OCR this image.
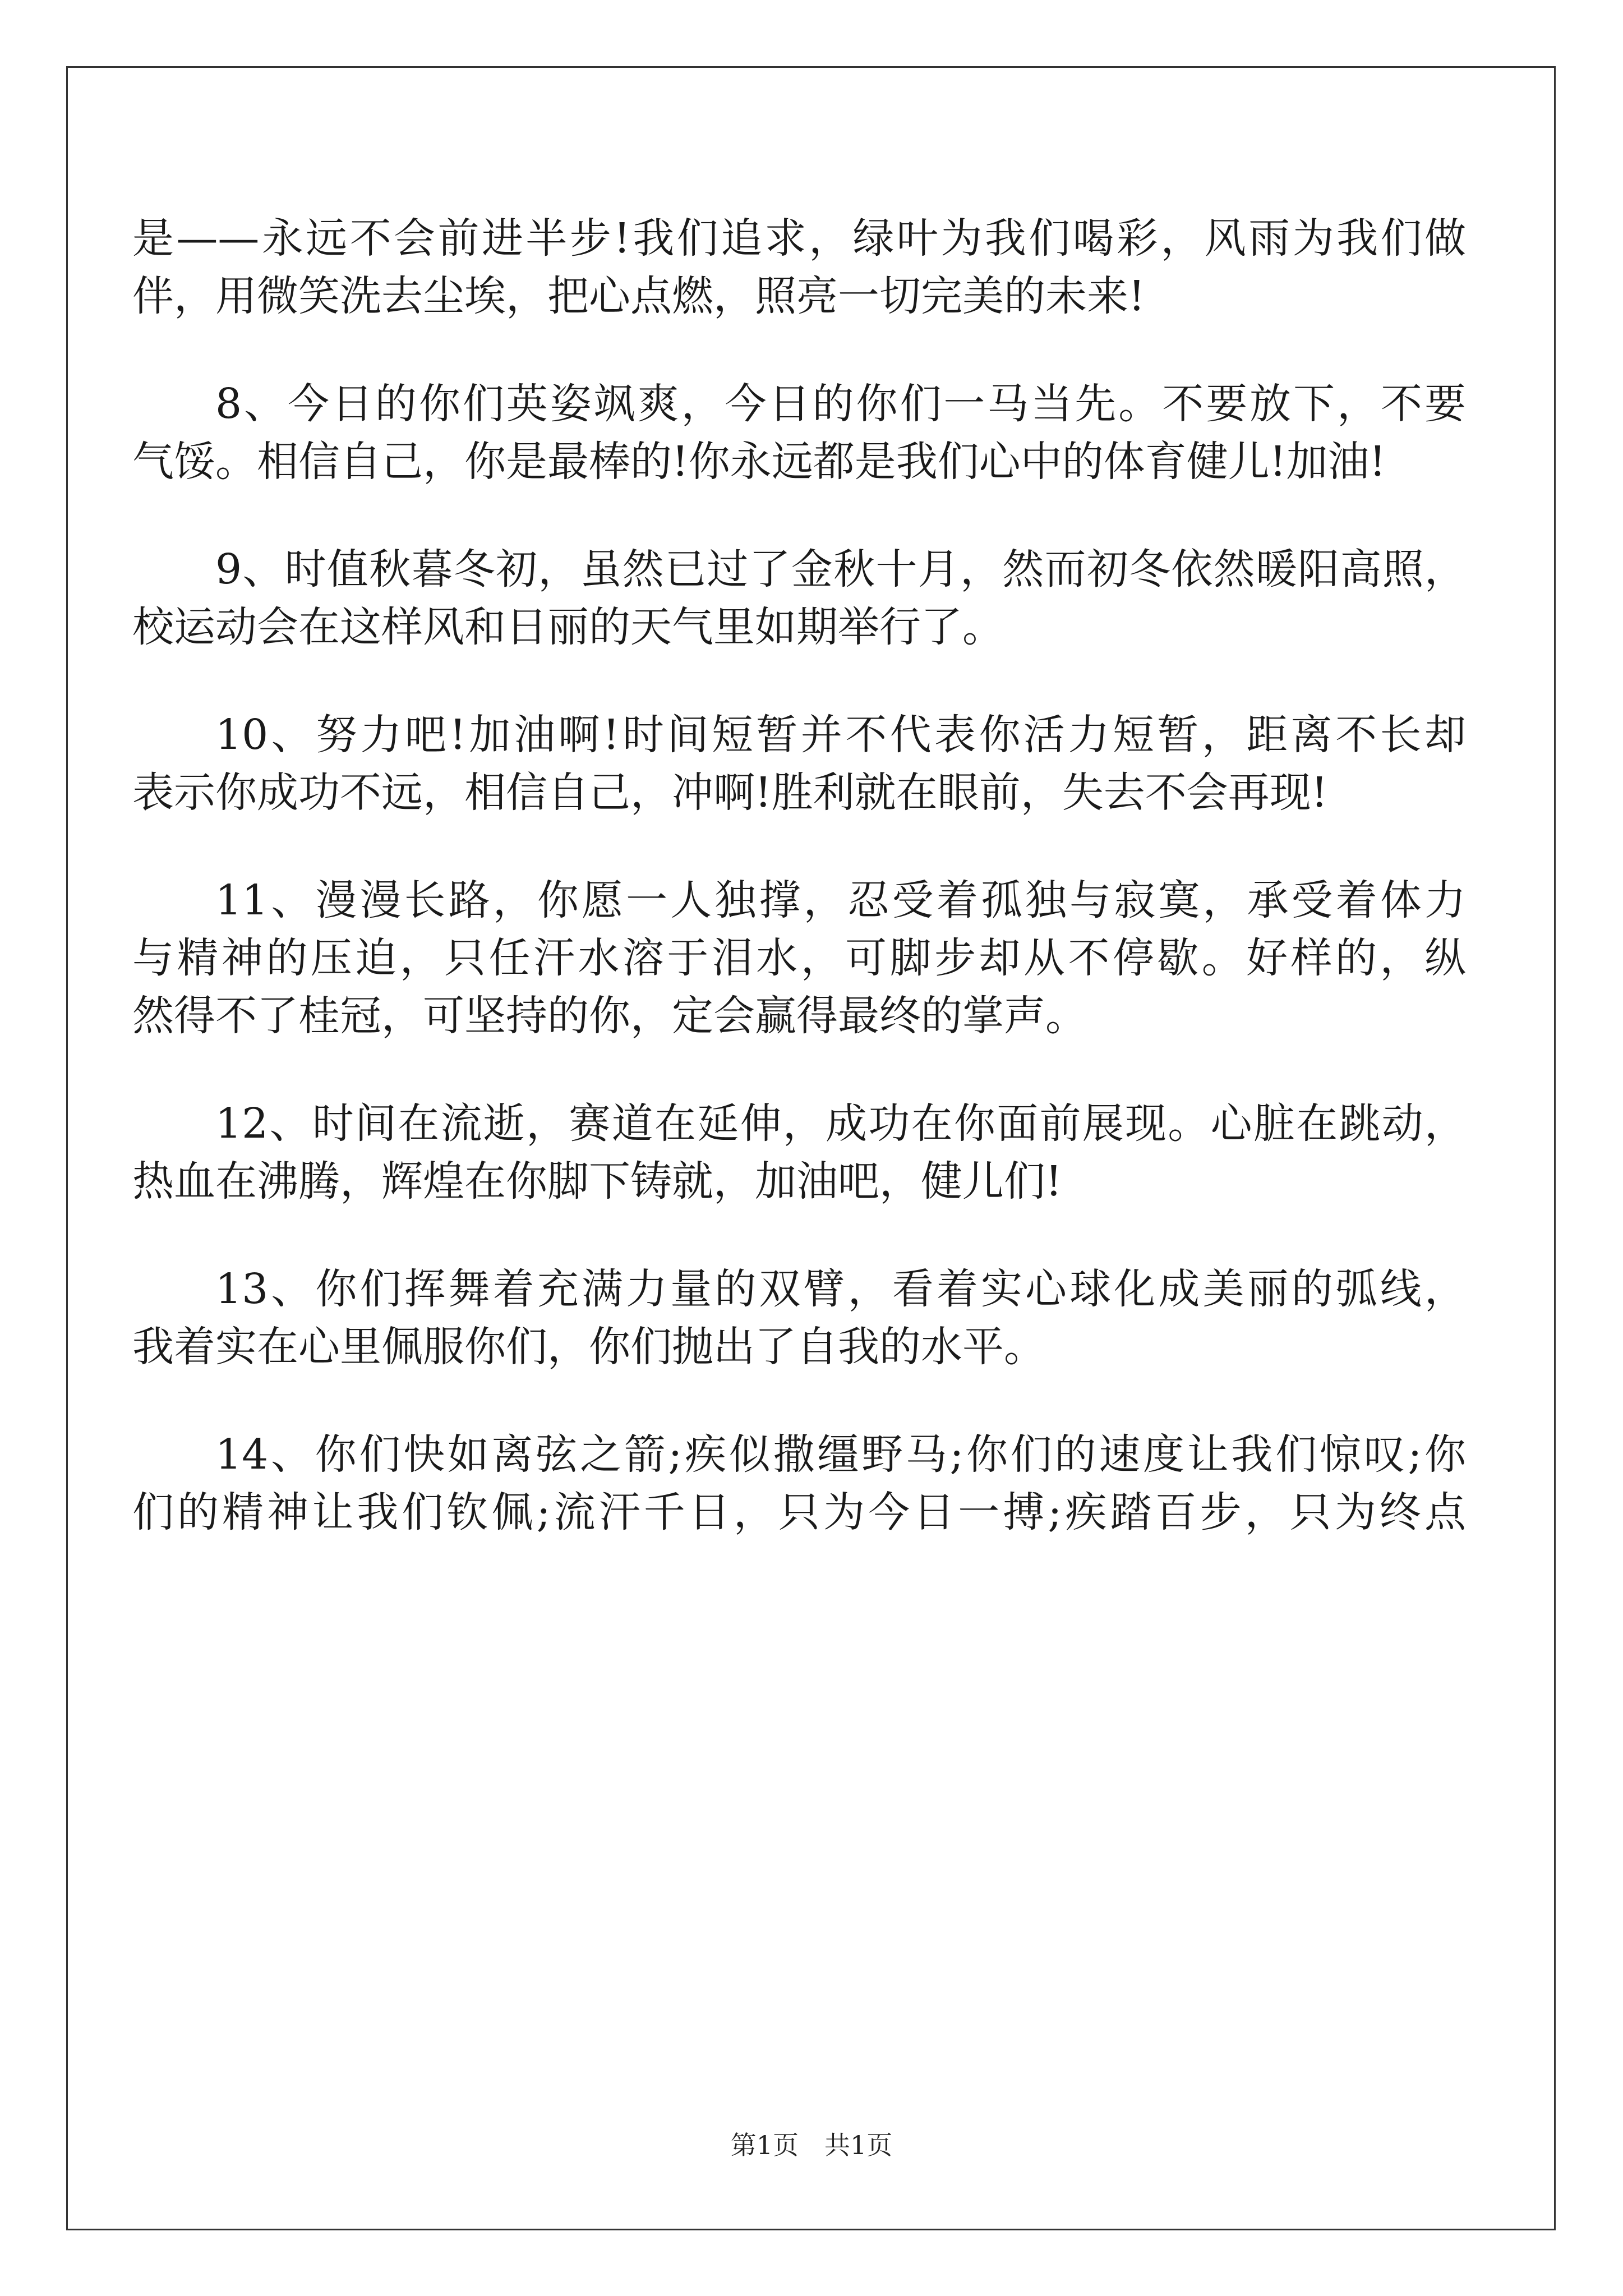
是——永远不会前进半步!我们追求，绿叶为我们喝彩，风雨为我们做
伴，用微笑洗去尘埃，把心点燃，照亮一切完美的未来!
8、今日的你们英姿飒爽，今日的你们一马当先。不要放下，不要
气馁。相信自己，你是最棒的!你永远都是我们心中的体育健儿!加油!
9、时值秋暮冬初，虽然已过了金秋十月，然而初冬依然暖阳高照，
校运动会在这样风和日丽的天气里如期举行了。
10、努力吧!加油啊!时间短暂并不代表你活力短暂，距离不长却
表示你成功不远，相信自己，冲啊!胜利就在眼前，失去不会再现!
11、漫漫长路，你愿一人独撑，忍受着孤独与寂寞，承受着体力
与精神的压迫，只任汗水溶于泪水，可脚步却从不停歇。好样的，纵
然得不了桂冠，可坚持的你，定会赢得最终的掌声。
12、时间在流逝，赛道在延伸，成功在你面前展现。心脏在跳动，
热血在沸腾，辉煌在你脚下铸就，加油吧，健儿们!
13、你们挥舞着充满力量的双臂，看着实心球化成美丽的弧线，
我着实在心里佩服你们，你们抛出了自我的水平。
14、你们快如离弦之箭;疾似撒缰野马;你们的速度让我们惊叹;你
们的精神让我们钦佩;流汗千日，只为今日一搏;疾踏百步，只为终点
第1页　共1页
